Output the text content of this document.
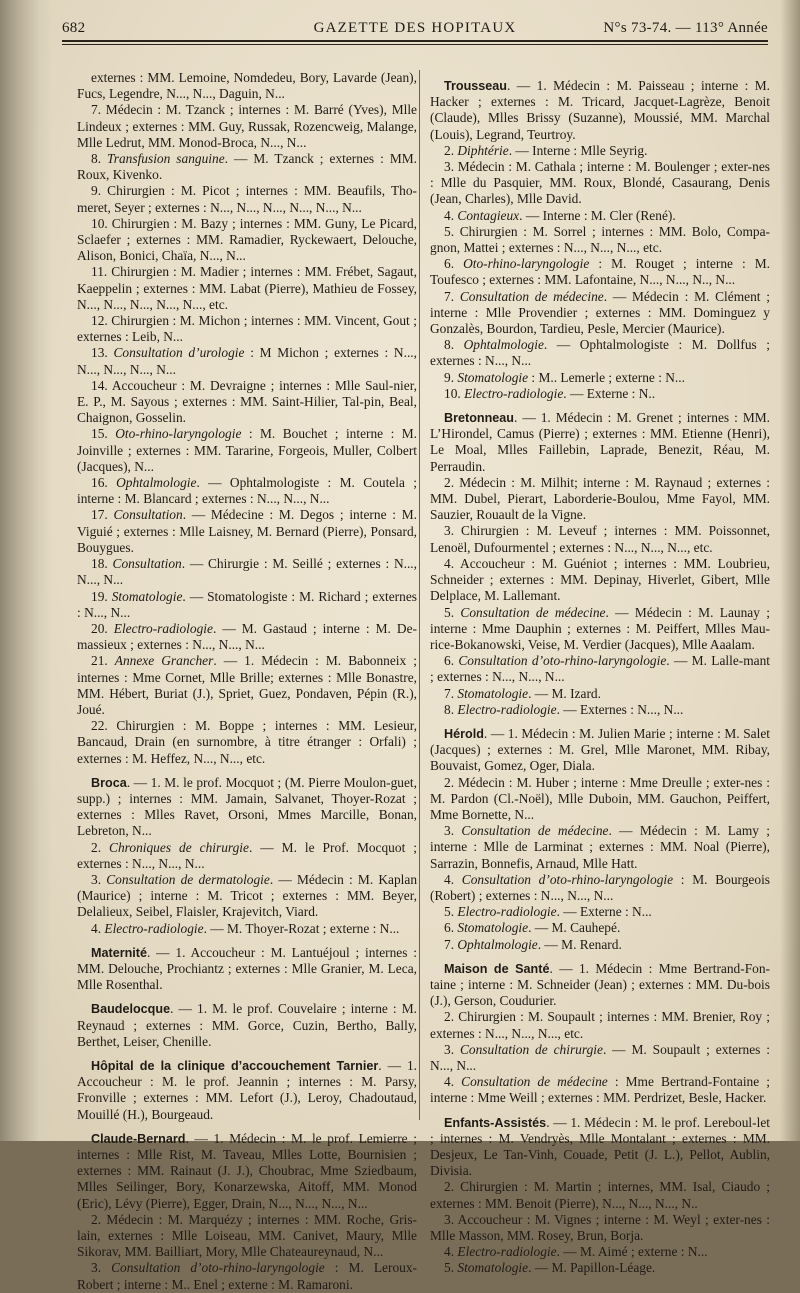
682	GAZETTE DES HOPITAUX	N°s 73-74. — 113° Année

externes : MM. Lemoine, Nomdedeu, Bory, Lavarde (Jean), Fucs, Legendre, N..., N..., Daguin, N...

7. Médecin : M. Tzanck ; internes : M. Barré (Yves), Mlle Lindeux ; externes : MM. Guy, Russak, Rozencweig, Malange, Mlle Ledrut, MM. Monod-Broca, N..., N...

8. Transfusion sanguine. — M. Tzanck ; externes : MM. Roux, Kivenko.

9. Chirurgien : M. Picot ; internes : MM. Beaufils, Tho-meret, Seyer ; externes : N..., N..., N..., N..., N..., N...

10. Chirurgien : M. Bazy ; internes : MM. Guny, Le Picard, Sclaefer ; externes : MM. Ramadier, Ryckewaert, Delouche, Alison, Bonici, Chaïa, N..., N...

11. Chirurgien : M. Madier ; internes : MM. Frébet, Sagaut, Kaeppelin ; externes : MM. Labat (Pierre), Mathieu de Fossey, N..., N..., N..., N..., N..., etc.

12. Chirurgien : M. Michon ; internes : MM. Vincent, Gout ; externes : Leib, N...

13. Consultation d’urologie : M Michon ; externes : N..., N..., N..., N..., N...

14. Accoucheur : M. Devraigne ; internes : Mlle Saul-nier, E. P., M. Sayous ; externes : MM. Saint-Hilier, Tal-pin, Beal, Chaignon, Gosselin.

15. Oto-rhino-laryngologie : M. Bouchet ; interne : M. Joinville ; externes : MM. Tararine, Forgeois, Muller, Colbert (Jacques), N...

16. Ophtalmologie. — Ophtalmologiste : M. Coutela ; interne : M. Blancard ; externes : N..., N..., N...

17. Consultation. — Médecine : M. Degos ; interne : M. Viguié ; externes : Mlle Laisney, M. Bernard (Pierre), Ponsard, Bouygues.

18. Consultation. — Chirurgie : M. Seillé ; externes : N..., N..., N...

19. Stomatologie. — Stomatologiste : M. Richard ; externes : N..., N...

20. Electro-radiologie. — M. Gastaud ; interne : M. De-massieux ; externes : N..., N..., N...

21. Annexe Grancher. — 1. Médecin : M. Babonneix ; internes : Mme Cornet, Mlle Brille; externes : Mlle Bonastre, MM. Hébert, Buriat (J.), Spriet, Guez, Pondaven, Pépin (R.), Joué.

22. Chirurgien : M. Boppe ; internes : MM. Lesieur, Bancaud, Drain (en surnombre, à titre étranger : Orfali) ; externes : M. Heffez, N..., N..., etc.

Broca. — 1. M. le prof. Mocquot ; (M. Pierre Moulon-guet, supp.) ; internes : MM. Jamain, Salvanet, Thoyer-Rozat ; externes : Mlles Ravet, Orsoni, Mmes Marcille, Bonan, Lebreton, N...

2. Chroniques de chirurgie. — M. le Prof. Mocquot ; externes : N..., N..., N...

3. Consultation de dermatologie. — Médecin : M. Kaplan (Maurice) ; interne : M. Tricot ; externes : MM. Beyer, Delalieux, Seibel, Flaisler, Krajevitch, Viard.

4. Electro-radiologie. — M. Thoyer-Rozat ; externe : N...

Maternité. — 1. Accoucheur : M. Lantuéjoul ; internes : MM. Delouche, Prochiantz ; externes : Mlle Granier, M. Leca, Mlle Rosenthal.

Baudelocque. — 1. M. le prof. Couvelaire ; interne : M. Reynaud ; externes : MM. Gorce, Cuzin, Bertho, Bally, Berthet, Leiser, Chenille.

Hôpital de la clinique d’accouchement Tarnier. — 1. Accoucheur : M. le prof. Jeannin ; internes : M. Parsy, Fronville ; externes : MM. Lefort (J.), Leroy, Chadoutaud, Mouillé (H.), Bourgeaud.

Claude-Bernard. — 1. Médecin : M. le prof. Lemierre ; internes : Mlle Rist, M. Taveau, Mlles Lotte, Bournisien ; externes : MM. Rainaut (J. J.), Choubrac, Mme Sziedbaum, Mlles Seilinger, Bory, Konarzewska, Aitoff, MM. Monod (Eric), Lévy (Pierre), Egger, Drain, N..., N..., N..., N...

2. Médecin : M. Marquézy ; internes : MM. Roche, Gris-lain, externes : Mlle Loiseau, MM. Canivet, Maury, Mlle Sikorav, MM. Bailliart, Mory, Mlle Chateaureynaud, N...

3. Consultation d’oto-rhino-laryngologie : M. Leroux-Robert ; interne : M.. Enel ; externe : M. Ramaroni.

Trousseau. — 1. Médecin : M. Paisseau ; interne : M. Hacker ; externes : M. Tricard, Jacquet-Lagrèze, Benoit (Claude), Mlles Brissy (Suzanne), Moussié, MM. Marchal (Louis), Legrand, Teurtroy.

2. Diphtérie. — Interne : Mlle Seyrig.

3. Médecin : M. Cathala ; interne : M. Boulenger ; exter-nes : Mlle du Pasquier, MM. Roux, Blondé, Casaurang, Denis (Jean, Charles), Mlle David.

4. Contagieux. — Interne : M. Cler (René).

5. Chirurgien : M. Sorrel ; internes : MM. Bolo, Compa-gnon, Mattei ; externes : N..., N..., N..., etc.

6. Oto-rhino-laryngologie : M. Rouget ; interne : M. Toufesco ; externes : MM. Lafontaine, N..., N..., N.., N...

7. Consultation de médecine. — Médecin : M. Clément ; interne : Mlle Provendier ; externes : MM. Dominguez y Gonzalès, Bourdon, Tardieu, Pesle, Mercier (Maurice).

8. Ophtalmologie. — Ophtalmologiste : M. Dollfus ; externes : N..., N...

9. Stomatologie : M.. Lemerle ; externe : N...

10. Electro-radiologie. — Externe : N..

Bretonneau. — 1. Médecin : M. Grenet ; internes : MM. L’Hirondel, Camus (Pierre) ; externes : MM. Etienne (Henri), Le Moal, Mlles Faillebin, Laprade, Benezit, Réau, M. Perraudin.

2. Médecin : M. Milhit; interne : M. Raynaud ; externes : MM. Dubel, Pierart, Laborderie-Boulou, Mme Fayol, MM. Sauzier, Rouault de la Vigne.

3. Chirurgien : M. Leveuf ; internes : MM. Poissonnet, Lenoël, Dufourmentel ; externes : N..., N..., N..., etc.

4. Accoucheur : M. Guéniot ; internes : MM. Loubrieu, Schneider ; externes : MM. Depinay, Hiverlet, Gibert, Mlle Delplace, M. Lallemant.

5. Consultation de médecine. — Médecin : M. Launay ; interne : Mme Dauphin ; externes : M. Peiffert, Mlles Mau-rice-Bokanowski, Veise, M. Verdier (Jacques), Mlle Aaalam.

6. Consultation d’oto-rhino-laryngologie. — M. Lalle-mant ; externes : N..., N..., N...

7. Stomatologie. — M. Izard.

8. Electro-radiologie. — Externes : N..., N...

Hérold. — 1. Médecin : M. Julien Marie ; interne : M. Salet (Jacques) ; externes : M. Grel, Mlle Maronet, MM. Ribay, Bouvaist, Gomez, Oger, Diala.

2. Médecin : M. Huber ; interne : Mme Dreulle ; exter-nes : M. Pardon (Cl.-Noël), Mlle Duboin, MM. Gauchon, Peiffert, Mme Bornette, N...

3. Consultation de médecine. — Médecin : M. Lamy ; interne : Mlle de Larminat ; externes : MM. Noal (Pierre), Sarrazin, Bonnefis, Arnaud, Mlle Hatt.

4. Consultation d’oto-rhino-laryngologie : M. Bourgeois (Robert) ; externes : N..., N..., N...

5. Electro-radiologie. — Externe : N...

6. Stomatologie. — M. Cauhepé.

7. Ophtalmologie. — M. Renard.

Maison de Santé. — 1. Médecin : Mme Bertrand-Fon-taine ; interne : M. Schneider (Jean) ; externes : MM. Du-bois (J.), Gerson, Coudurier.

2. Chirurgien : M. Soupault ; internes : MM. Brenier, Roy ; externes : N..., N..., N..., etc.

3. Consultation de chirurgie. — M. Soupault ; externes : N..., N...

4. Consultation de médecine : Mme Bertrand-Fontaine ; interne : Mme Weill ; externes : MM. Perdrizet, Besle, Hacker.

Enfants-Assistés. — 1. Médecin : M. le prof. Lereboul-let ; internes : M. Vendryès, Mlle Montalant ; externes : MM. Desjeux, Le Tan-Vinh, Couade, Petit (J. L.), Pellot, Aublin, Divisia.

2. Chirurgien : M. Martin ; internes, MM. Isal, Ciaudo ; externes : MM. Benoit (Pierre), N..., N..., N..., N..

3. Accoucheur : M. Vignes ; interne : M. Weyl ; exter-nes : Mlle Masson, MM. Rosey, Brun, Borja.

4. Electro-radiologie. — M. Aimé ; externe : N...

5. Stomatologie. — M. Papillon-Léage.
